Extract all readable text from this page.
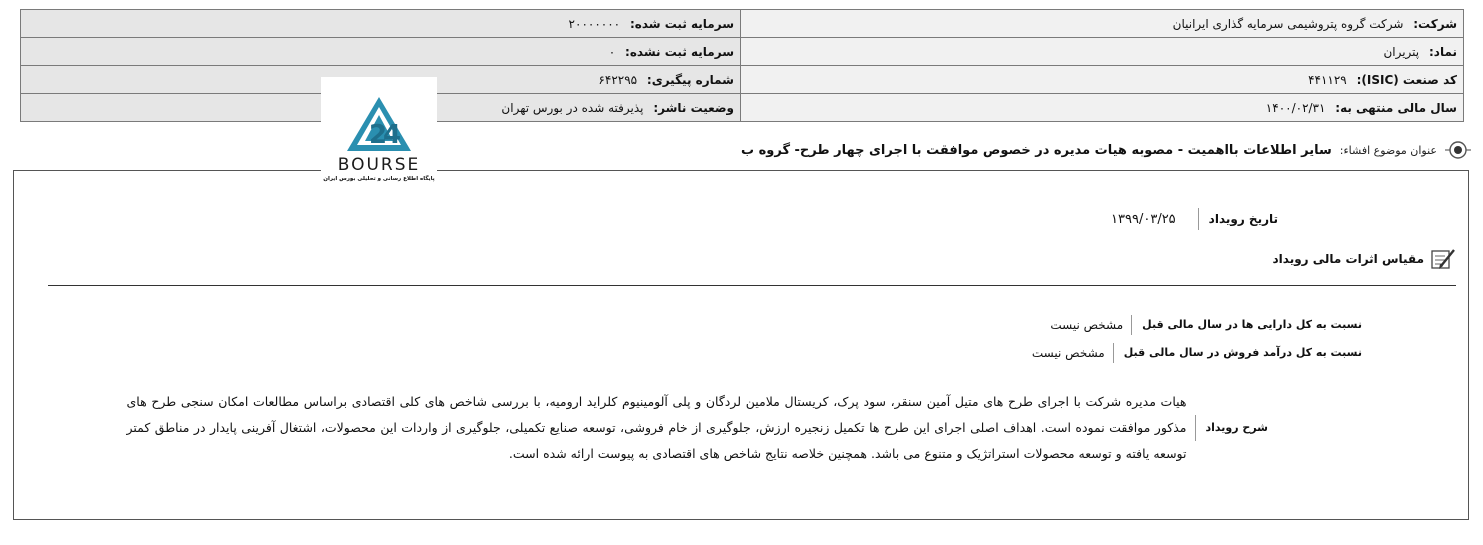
شرکت: شرکت گروه پتروشیمی سرمایه گذاری ایرانیان	سرمایه ثبت شده: ۲۰۰۰۰۰۰۰
نماد: پتریران	سرمایه ثبت نشده: ۰
کد صنعت (ISIC): ۴۴۱۱۲۹	شماره پیگیری: ۶۴۲۲۹۵
سال مالی منتهی به: ۱۴۰۰/۰۲/۳۱	وضعیت ناشر: پذیرفته شده در بورس تهران
2
4
BOURSE
پایگاه اطلاع رسانی و تحلیلی بورس ایران
عنوان موضوع افشاء:
سایر اطلاعات بااهمیت - مصوبه هیات مدیره در خصوص موافقت با اجرای چهار طرح- گروه ب
تاریخ رویداد
۱۳۹۹/۰۳/۲۵
مقیاس اثرات مالی رویداد
نسبت به کل دارایی ها در سال مالی قبل
مشخص نیست
نسبت به کل درآمد فروش در سال مالی قبل
مشخص نیست
شرح رویداد
هیات مدیره شرکت با اجرای طرح های متیل آمین سنقر، سود پرک، کریستال ملامین لردگان و پلی آلومینیوم کلراید ارومیه، با بررسی شاخص های کلی اقتصادی براساس مطالعات امکان سنجی طرح های مذکور موافقت نموده است. اهداف اصلی اجرای این طرح ها تکمیل زنجیره ارزش، جلوگیری از خام فروشی، توسعه صنایع تکمیلی، جلوگیری از واردات این محصولات، اشتغال آفرینی پایدار در مناطق کمتر توسعه یافته و توسعه محصولات استراتژیک و متنوع می باشد. همچنین خلاصه نتایج شاخص های اقتصادی به پیوست ارائه شده است.
